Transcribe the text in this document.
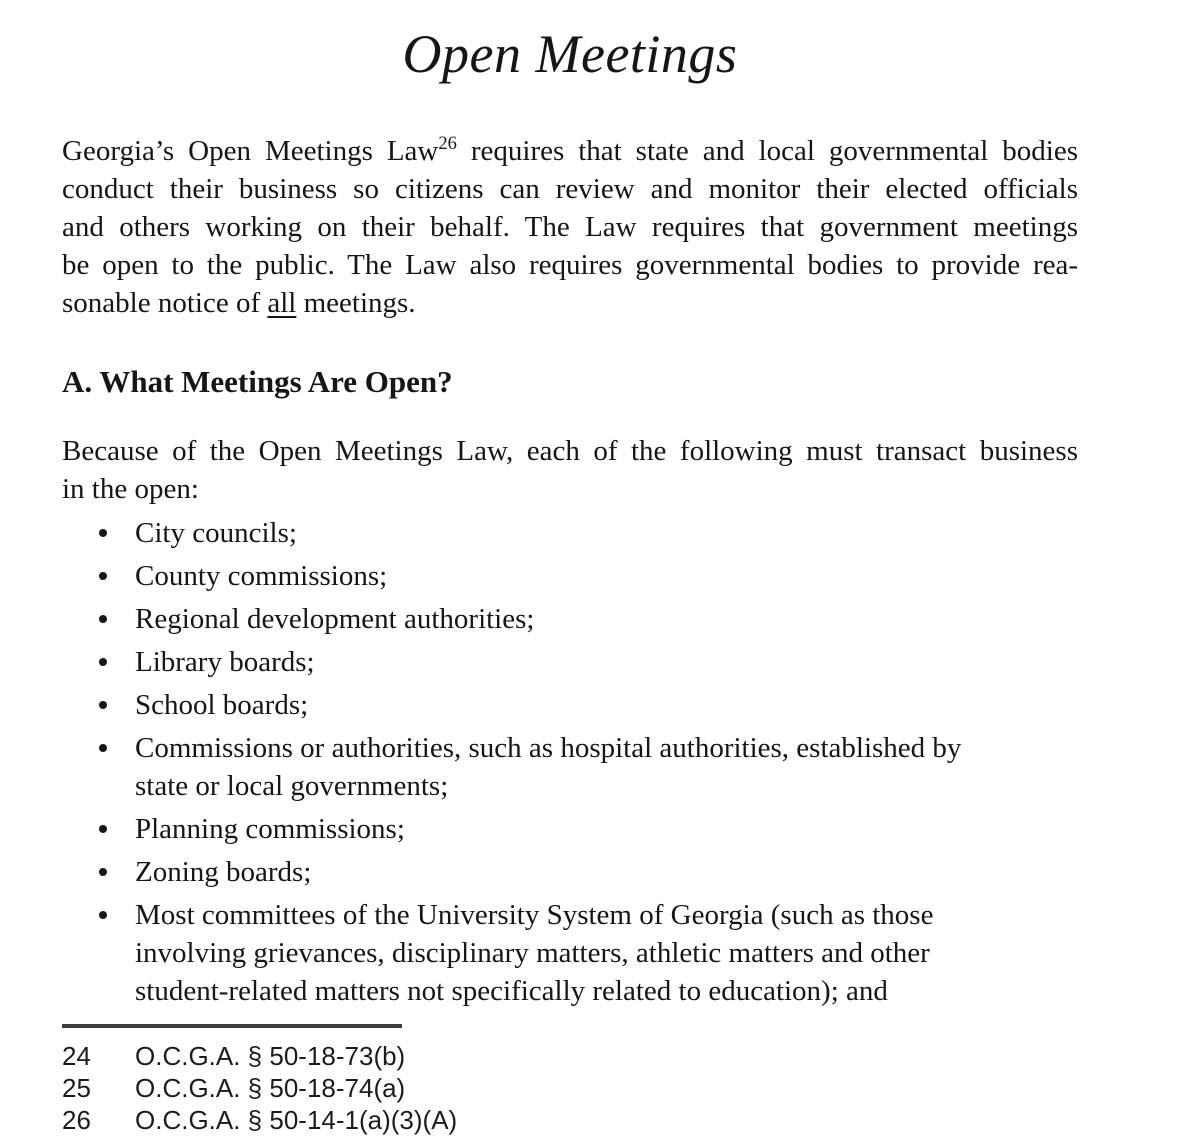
Open Meetings
Georgia’s Open Meetings Law$^{26}$ requires that state and local governmental bodies
conduct their business so citizens can review and monitor their elected officials
and others working on their behalf. The Law requires that government meetings
be open to the public. The Law also requires governmental bodies to provide rea-
sonable notice of all meetings.
A. What Meetings Are Open?
Because of the Open Meetings Law, each of the following must transact business
in the open:
City councils;
County commissions;
Regional development authorities;
Library boards;
School boards;
Commissions or authorities, such as hospital authorities, established by
state or local governments;
Planning commissions;
Zoning boards;
Most committees of the University System of Georgia (such as those
involving grievances, disciplinary matters, athletic matters and other
student-related matters not specifically related to education); and
24	O.C.G.A. § 50-18-73(b)
25	O.C.G.A. § 50-18-74(a)
26	O.C.G.A. § 50-14-1(a)(3)(A)
